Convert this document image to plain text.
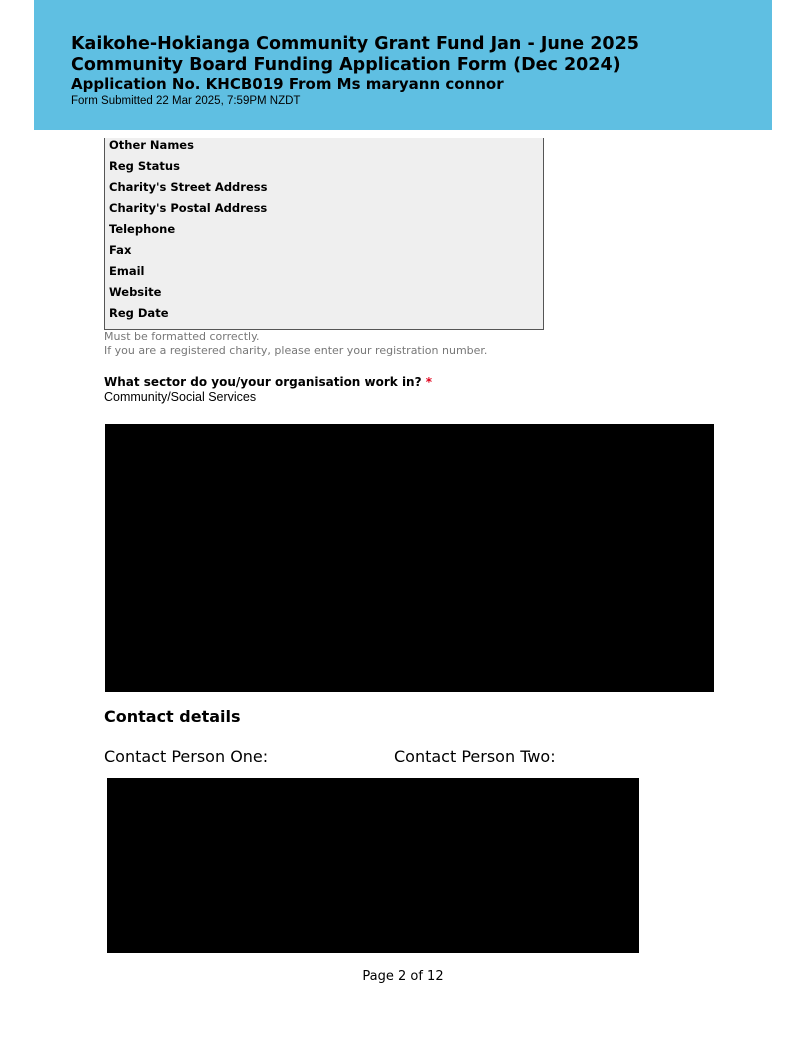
Kaikohe-Hokianga Community Grant Fund Jan - June 2025
Community Board Funding Application Form (Dec 2024)
Application No. KHCB019 From Ms maryann connor
Form Submitted 22 Mar 2025, 7:59PM NZDT
Other Names
Reg Status
Charity's Street Address
Charity's Postal Address
Telephone
Fax
Email
Website
Reg Date
Must be formatted correctly.
If you are a registered charity, please enter your registration number.
What sector do you/your organisation work in? *
Community/Social Services
Contact details
Contact Person One:	Contact Person Two:
Page 2 of 12
